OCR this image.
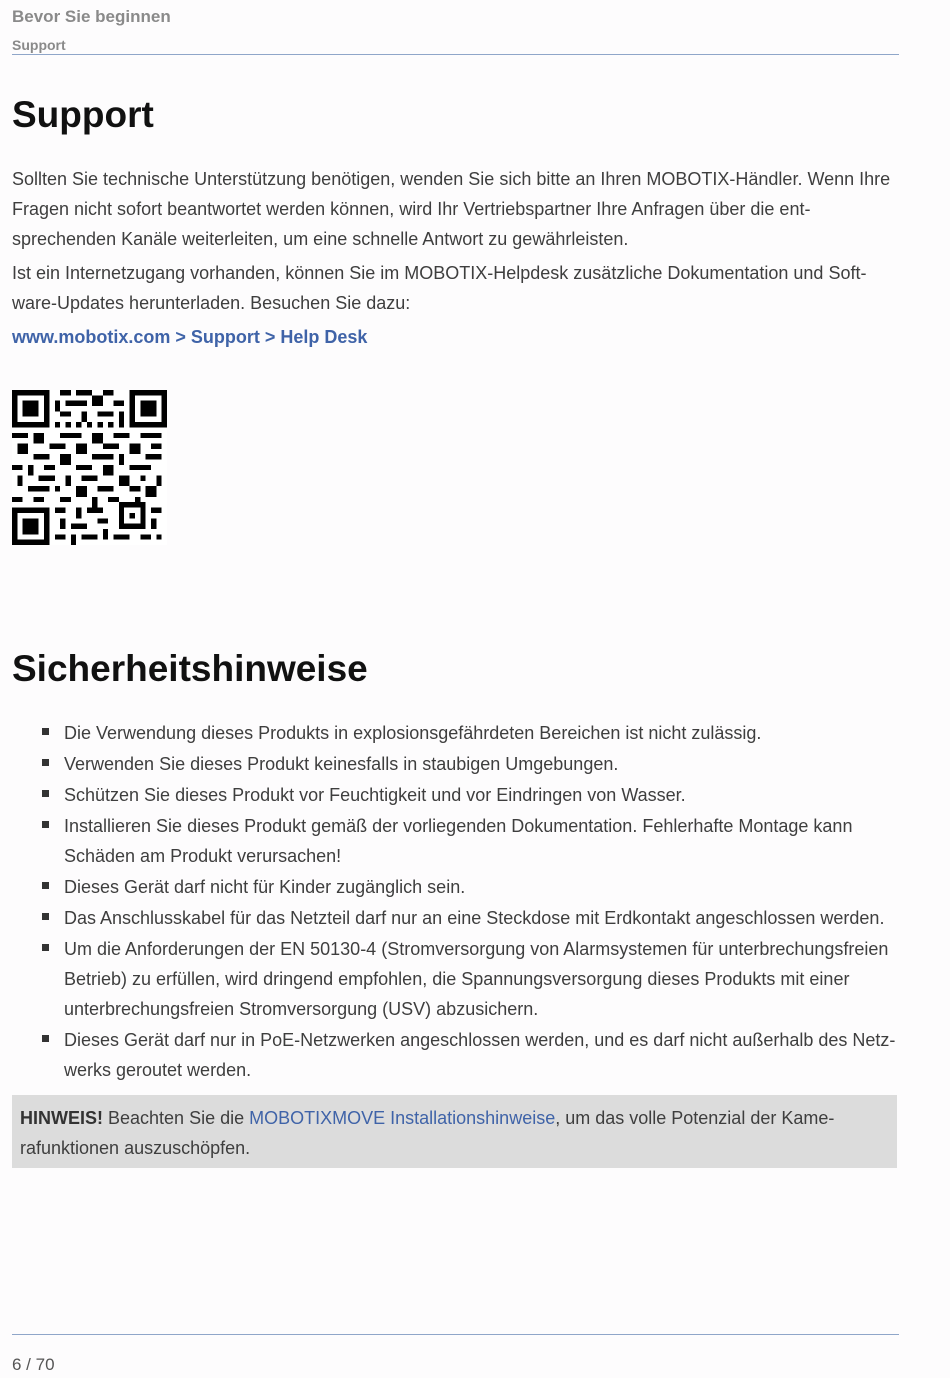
Bevor Sie beginnen
Support
Support

Sollten Sie technische Unterstützung benötigen, wenden Sie sich bitte an Ihren MOBOTIX-Händler. Wenn Ihre Fragen nicht sofort beantwortet werden können, wird Ihr Vertriebspartner Ihre Anfragen über die ent-sprechenden Kanäle weiterleiten, um eine schnelle Antwort zu gewährleisten.

Ist ein Internetzugang vorhanden, können Sie im MOBOTIX-Helpdesk zusätzliche Dokumentation und Soft-ware-Updates herunterladen. Besuchen Sie dazu:

www.mobotix.com > Support > Help Desk
Sicherheitshinweise
Die Verwendung dieses Produkts in explosionsgefährdeten Bereichen ist nicht zulässig.
Verwenden Sie dieses Produkt keinesfalls in staubigen Umgebungen.
Schützen Sie dieses Produkt vor Feuchtigkeit und vor Eindringen von Wasser.
Installieren Sie dieses Produkt gemäß der vorliegenden Dokumentation. Fehlerhafte Montage kann Schäden am Produkt verursachen!
Dieses Gerät darf nicht für Kinder zugänglich sein.
Das Anschlusskabel für das Netzteil darf nur an eine Steckdose mit Erdkontakt angeschlossen werden.
Um die Anforderungen der EN 50130-4 (Stromversorgung von Alarmsystemen für unterbrechungsfreien Betrieb) zu erfüllen, wird dringend empfohlen, die Spannungsversorgung dieses Produkts mit einer unterbrechungsfreien Stromversorgung (USV) abzusichern.
Dieses Gerät darf nur in PoE-Netzwerken angeschlossen werden, und es darf nicht außerhalb des Netz-werks geroutet werden.
HINWEIS! Beachten Sie die MOBOTIXMOVE Installationshinweise, um das volle Potenzial der Kame-rafunktionen auszuschöpfen.
6 / 70
